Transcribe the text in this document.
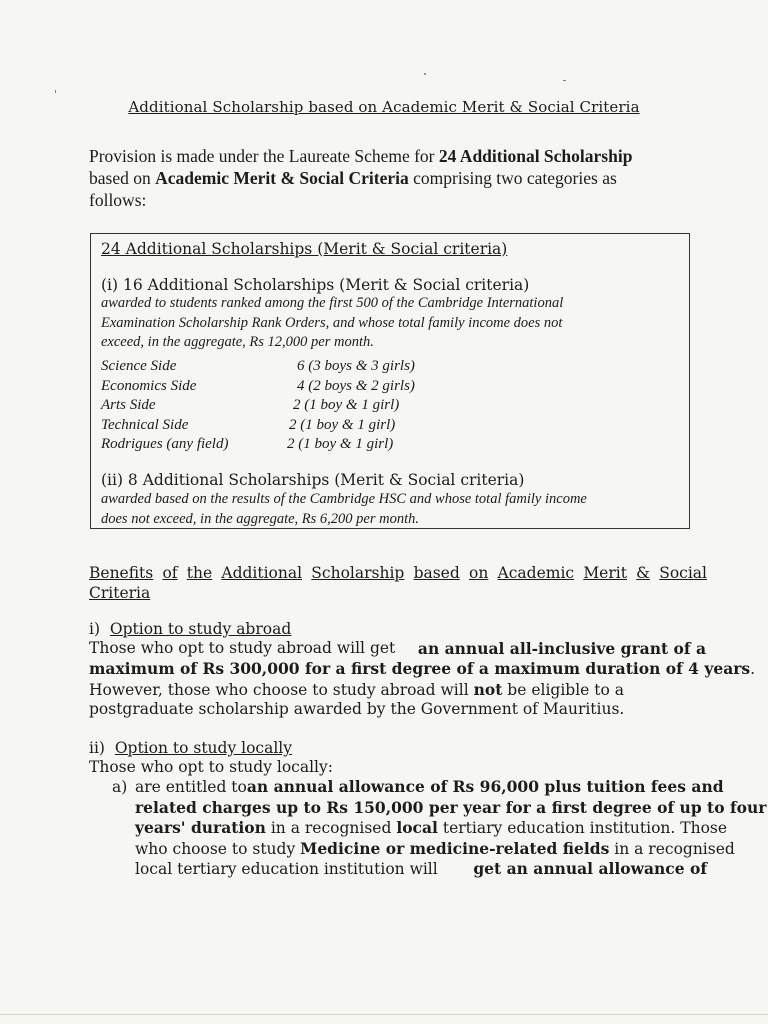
Additional Scholarship based on Academic Merit & Social Criteria
Provision is made under the Laureate Scheme for 24 Additional Scholarship
based on Academic Merit & Social Criteria comprising two categories as
follows:
24 Additional Scholarships (Merit & Social criteria)
(i) 16 Additional Scholarships (Merit & Social criteria)
awarded to students ranked among the first 500 of the Cambridge International
Examination Scholarship Rank Orders, and whose total family income does not
exceed, in the aggregate, Rs 12,000 per month.
Science Side	6 (3 boys & 3 girls)
Economics Side	4 (2 boys & 2 girls)
Arts Side	2 (1 boy & 1 girl)
Technical Side	2 (1 boy & 1 girl)
Rodrigues (any field)	2 (1 boy & 1 girl)
(ii) 8 Additional Scholarships (Merit & Social criteria)
awarded based on the results of the Cambridge HSC and whose total family income
does not exceed, in the aggregate, Rs 6,200 per month.
Benefits of the Additional Scholarship based on Academic Merit & Social
Criteria
i) Option to study abroad
Those who opt to study abroad will get an annual all-inclusive grant of a
maximum of Rs 300,000 for a first degree of a maximum duration of 4 years.
However, those who choose to study abroad will not be eligible to a
postgraduate scholarship awarded by the Government of Mauritius.
ii) Option to study locally
Those who opt to study locally:
a) are entitled to an annual allowance of Rs 96,000 plus tuition fees and
related charges up to Rs 150,000 per year for a first degree of up to four
years' duration in a recognised local tertiary education institution. Those
who choose to study Medicine or medicine-related fields in a recognised
local tertiary education institution will get an annual allowance of
